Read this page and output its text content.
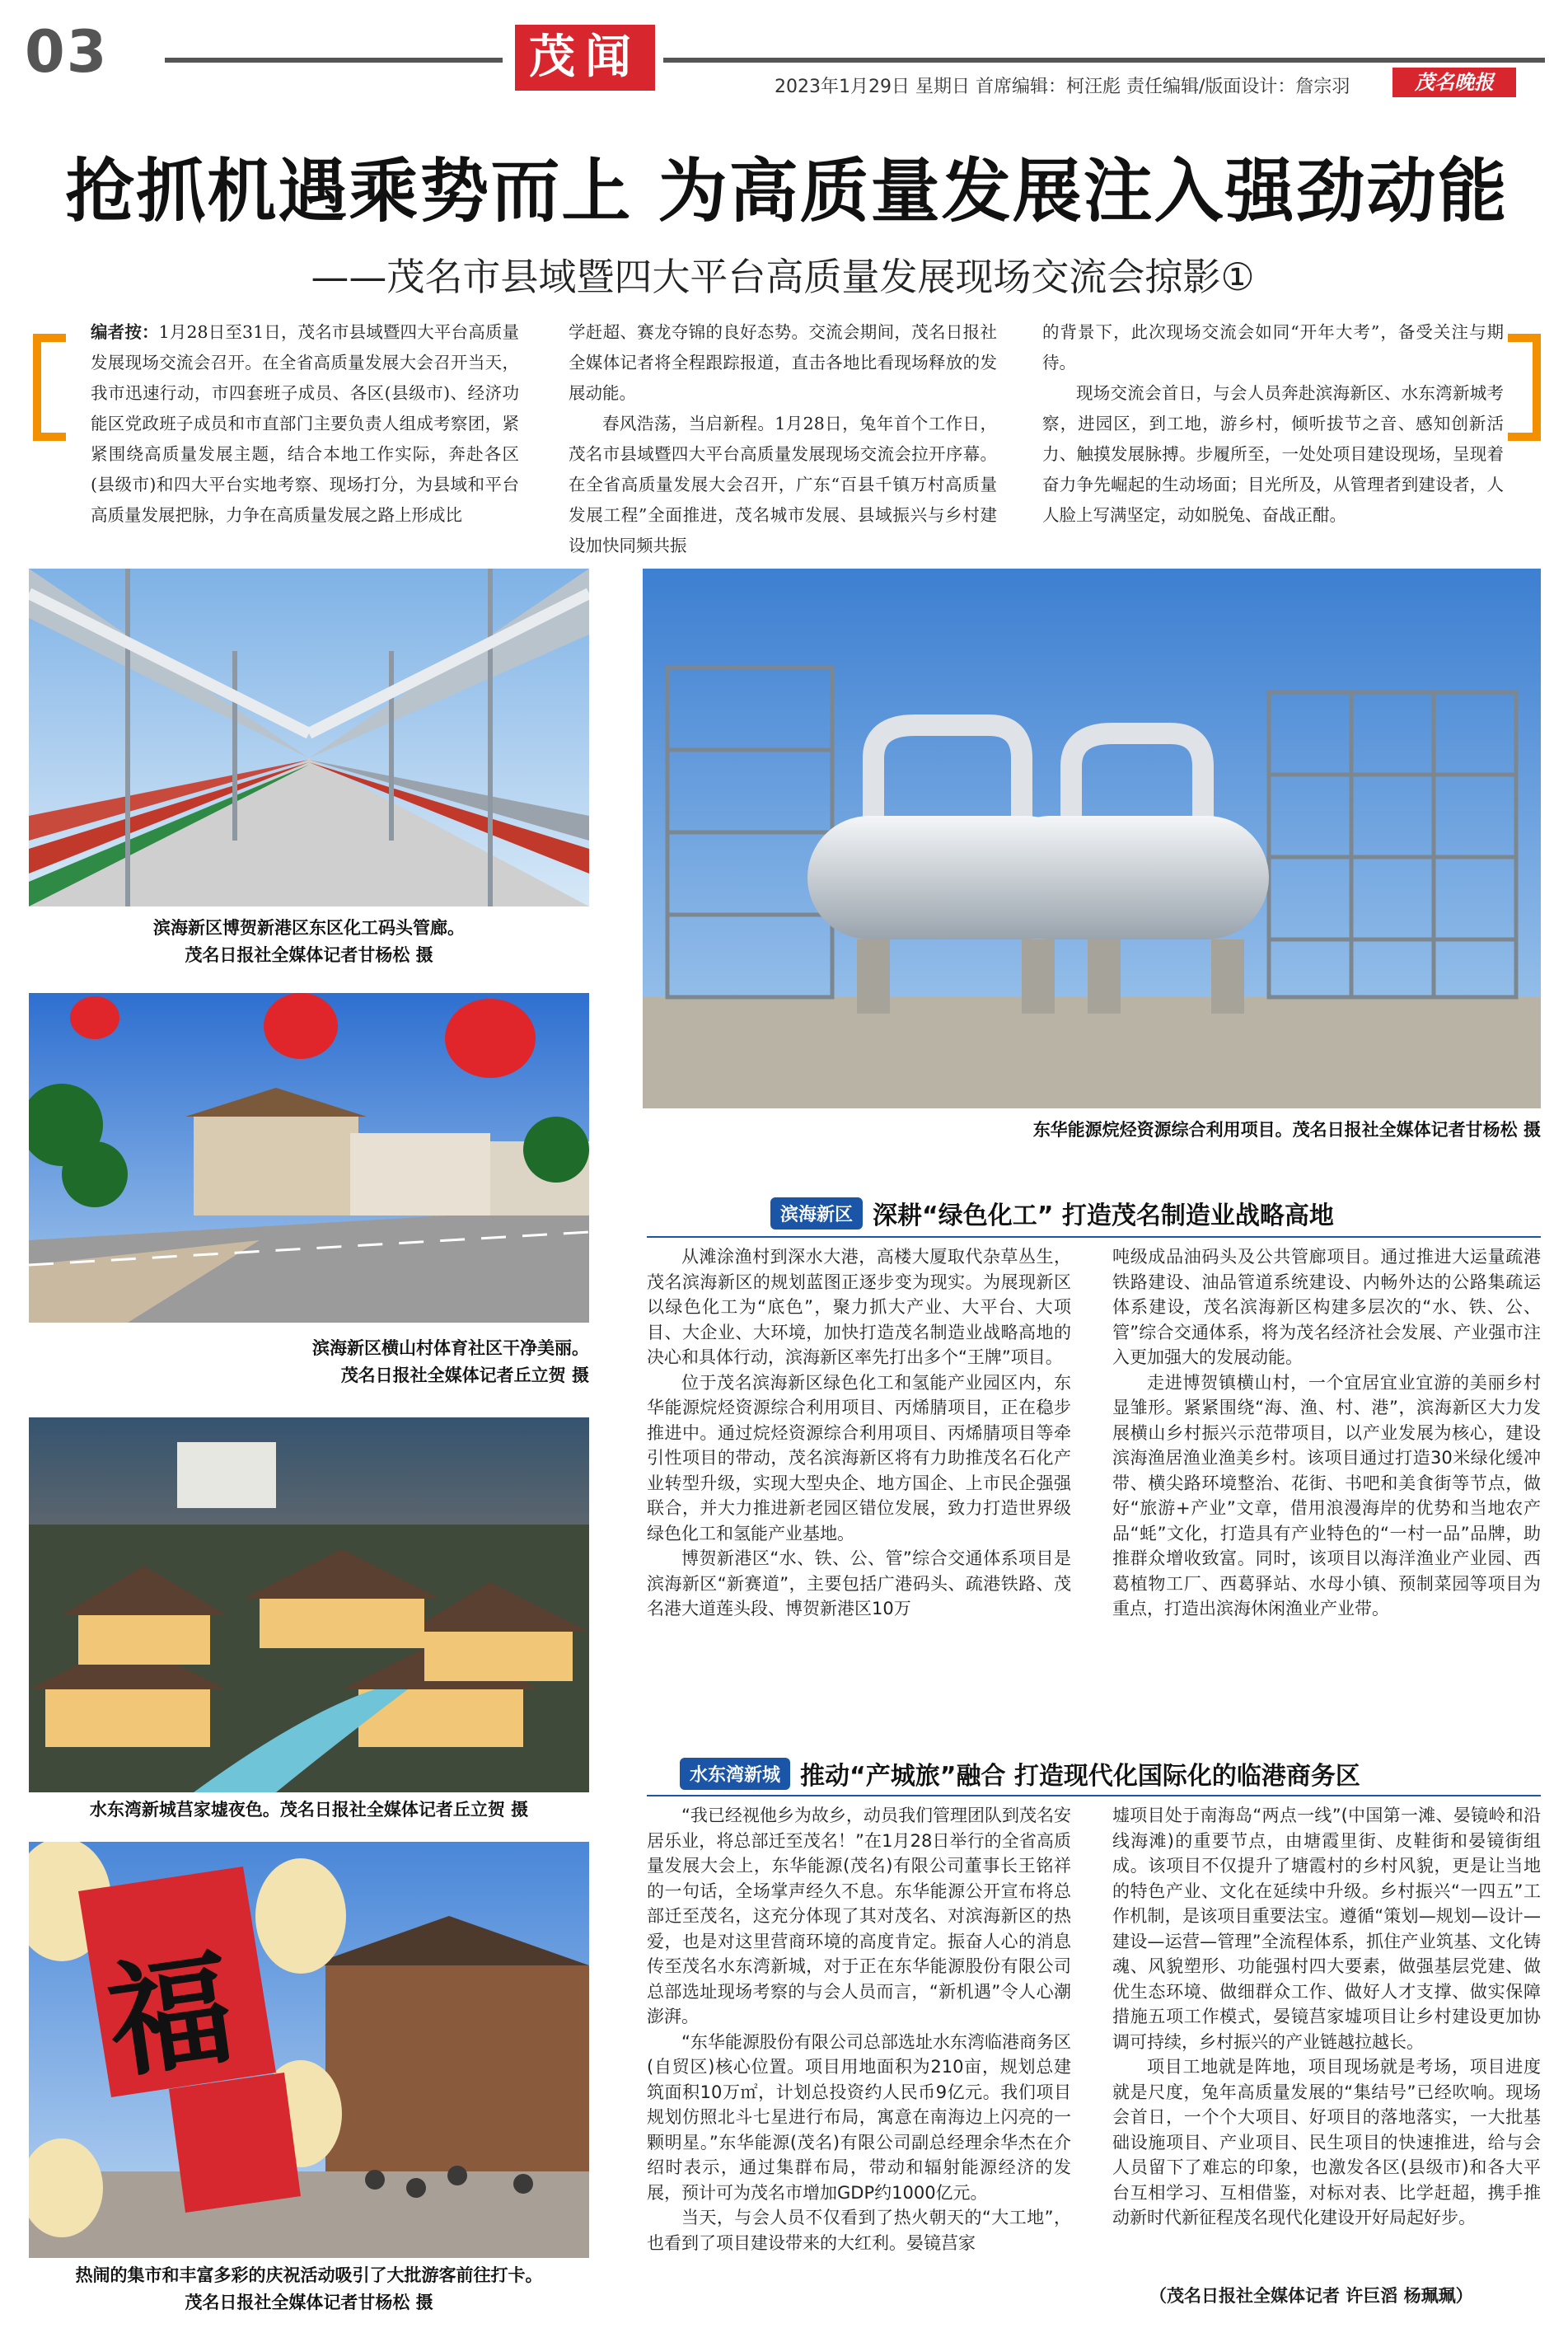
03	茂闻
2023年1月29日 星期日 首席编辑：柯汪彪 责任编辑/版面设计：詹宗羽	茂名晚报
抢抓机遇乘势而上 为高质量发展注入强劲动能
——茂名市县域暨四大平台高质量发展现场交流会掠影①
编者按：1月28日至31日，茂名市县域暨四大平台高质量发展现场交流会召开。在全省高质量发展大会召开当天，我市迅速行动，市四套班子成员、各区(县级市)、经济功能区党政班子成员和市直部门主要负责人组成考察团，紧紧围绕高质量发展主题，结合本地工作实际，奔赴各区(县级市)和四大平台实地考察、现场打分，为县域和平台高质量发展把脉，力争在高质量发展之路上形成比
学赶超、赛龙夺锦的良好态势。交流会期间，茂名日报社全媒体记者将全程跟踪报道，直击各地比看现场释放的发展动能。
春风浩荡，当启新程。1月28日，兔年首个工作日，茂名市县域暨四大平台高质量发展现场交流会拉开序幕。在全省高质量发展大会召开，广东“百县千镇万村高质量发展工程”全面推进，茂名城市发展、县域振兴与乡村建设加快同频共振
的背景下，此次现场交流会如同“开年大考”，备受关注与期待。
现场交流会首日，与会人员奔赴滨海新区、水东湾新城考察，进园区，到工地，游乡村，倾听拔节之音、感知创新活力、触摸发展脉搏。步履所至，一处处项目建设现场，呈现着奋力争先崛起的生动场面；目光所及，从管理者到建设者，人人脸上写满坚定，动如脱兔、奋战正酣。
滨海新区博贺新港区东区化工码头管廊。
茂名日报社全媒体记者甘杨松 摄
东华能源烷烃资源综合利用项目。茂名日报社全媒体记者甘杨松 摄
滨海新区横山村体育社区干净美丽。
茂名日报社全媒体记者丘立贺 摄
水东湾新城莒家墟夜色。茂名日报社全媒体记者丘立贺 摄
福
热闹的集市和丰富多彩的庆祝活动吸引了大批游客前往打卡。
茂名日报社全媒体记者甘杨松 摄
滨海新区 深耕“绿色化工” 打造茂名制造业战略高地

从滩涂渔村到深水大港，高楼大厦取代杂草丛生，茂名滨海新区的规划蓝图正逐步变为现实。为展现新区以绿色化工为“底色”，聚力抓大产业、大平台、大项目、大企业、大环境，加快打造茂名制造业战略高地的决心和具体行动，滨海新区率先打出多个“王牌”项目。

位于茂名滨海新区绿色化工和氢能产业园区内，东华能源烷烃资源综合利用项目、丙烯腈项目，正在稳步推进中。通过烷烃资源综合利用项目、丙烯腈项目等牵引性项目的带动，茂名滨海新区将有力助推茂名石化产业转型升级，实现大型央企、地方国企、上市民企强强联合，并大力推进新老园区错位发展，致力打造世界级绿色化工和氢能产业基地。

博贺新港区“水、铁、公、管”综合交通体系项目是滨海新区“新赛道”，主要包括广港码头、疏港铁路、茂名港大道莲头段、博贺新港区10万

吨级成品油码头及公共管廊项目。通过推进大运量疏港铁路建设、油品管道系统建设、内畅外达的公路集疏运体系建设，茂名滨海新区构建多层次的“水、铁、公、管”综合交通体系，将为茂名经济社会发展、产业强市注入更加强大的发展动能。

走进博贺镇横山村，一个宜居宜业宜游的美丽乡村显雏形。紧紧围绕“海、渔、村、港”，滨海新区大力发展横山乡村振兴示范带项目，以产业发展为核心，建设滨海渔居渔业渔美乡村。该项目通过打造30米绿化缓冲带、横尖路环境整治、花街、书吧和美食街等节点，做好“旅游+产业”文章，借用浪漫海岸的优势和当地农产品“蚝”文化，打造具有产业特色的“一村一品”品牌，助推群众增收致富。同时，该项目以海洋渔业产业园、西葛植物工厂、西葛驿站、水母小镇、预制菜园等项目为重点，打造出滨海休闲渔业产业带。

水东湾新城 推动“产城旅”融合 打造现代化国际化的临港商务区

“我已经视他乡为故乡，动员我们管理团队到茂名安居乐业，将总部迁至茂名！”在1月28日举行的全省高质量发展大会上，东华能源(茂名)有限公司董事长王铭祥的一句话，全场掌声经久不息。东华能源公开宣布将总部迁至茂名，这充分体现了其对茂名、对滨海新区的热爱，也是对这里营商环境的高度肯定。振奋人心的消息传至茂名水东湾新城，对于正在东华能源股份有限公司总部选址现场考察的与会人员而言，“新机遇”令人心潮澎湃。

“东华能源股份有限公司总部选址水东湾临港商务区(自贸区)核心位置。项目用地面积为210亩，规划总建筑面积10万㎡，计划总投资约人民币9亿元。我们项目规划仿照北斗七星进行布局，寓意在南海边上闪亮的一颗明星。”东华能源(茂名)有限公司副总经理余华杰在介绍时表示，通过集群布局，带动和辐射能源经济的发展，预计可为茂名市增加GDP约1000亿元。

当天，与会人员不仅看到了热火朝天的“大工地”，也看到了项目建设带来的大红利。晏镜莒家

墟项目处于南海岛“两点一线”(中国第一滩、晏镜岭和沿线海滩)的重要节点，由塘霞里街、皮鞋街和晏镜街组成。该项目不仅提升了塘霞村的乡村风貌，更是让当地的特色产业、文化在延续中升级。乡村振兴“一四五”工作机制，是该项目重要法宝。遵循“策划—规划—设计—建设—运营—管理”全流程体系，抓住产业筑基、文化铸魂、风貌塑形、功能强村四大要素，做强基层党建、做优生态环境、做细群众工作、做好人才支撑、做实保障措施五项工作模式，晏镜莒家墟项目让乡村建设更加协调可持续，乡村振兴的产业链越拉越长。

项目工地就是阵地，项目现场就是考场，项目进度就是尺度，兔年高质量发展的“集结号”已经吹响。现场会首日，一个个大项目、好项目的落地落实，一大批基础设施项目、产业项目、民生项目的快速推进，给与会人员留下了难忘的印象，也激发各区(县级市)和各大平台互相学习、互相借鉴，对标对表、比学赶超，携手推动新时代新征程茂名现代化建设开好局起好步。

（茂名日报社全媒体记者 许巨滔 杨珮珮）
